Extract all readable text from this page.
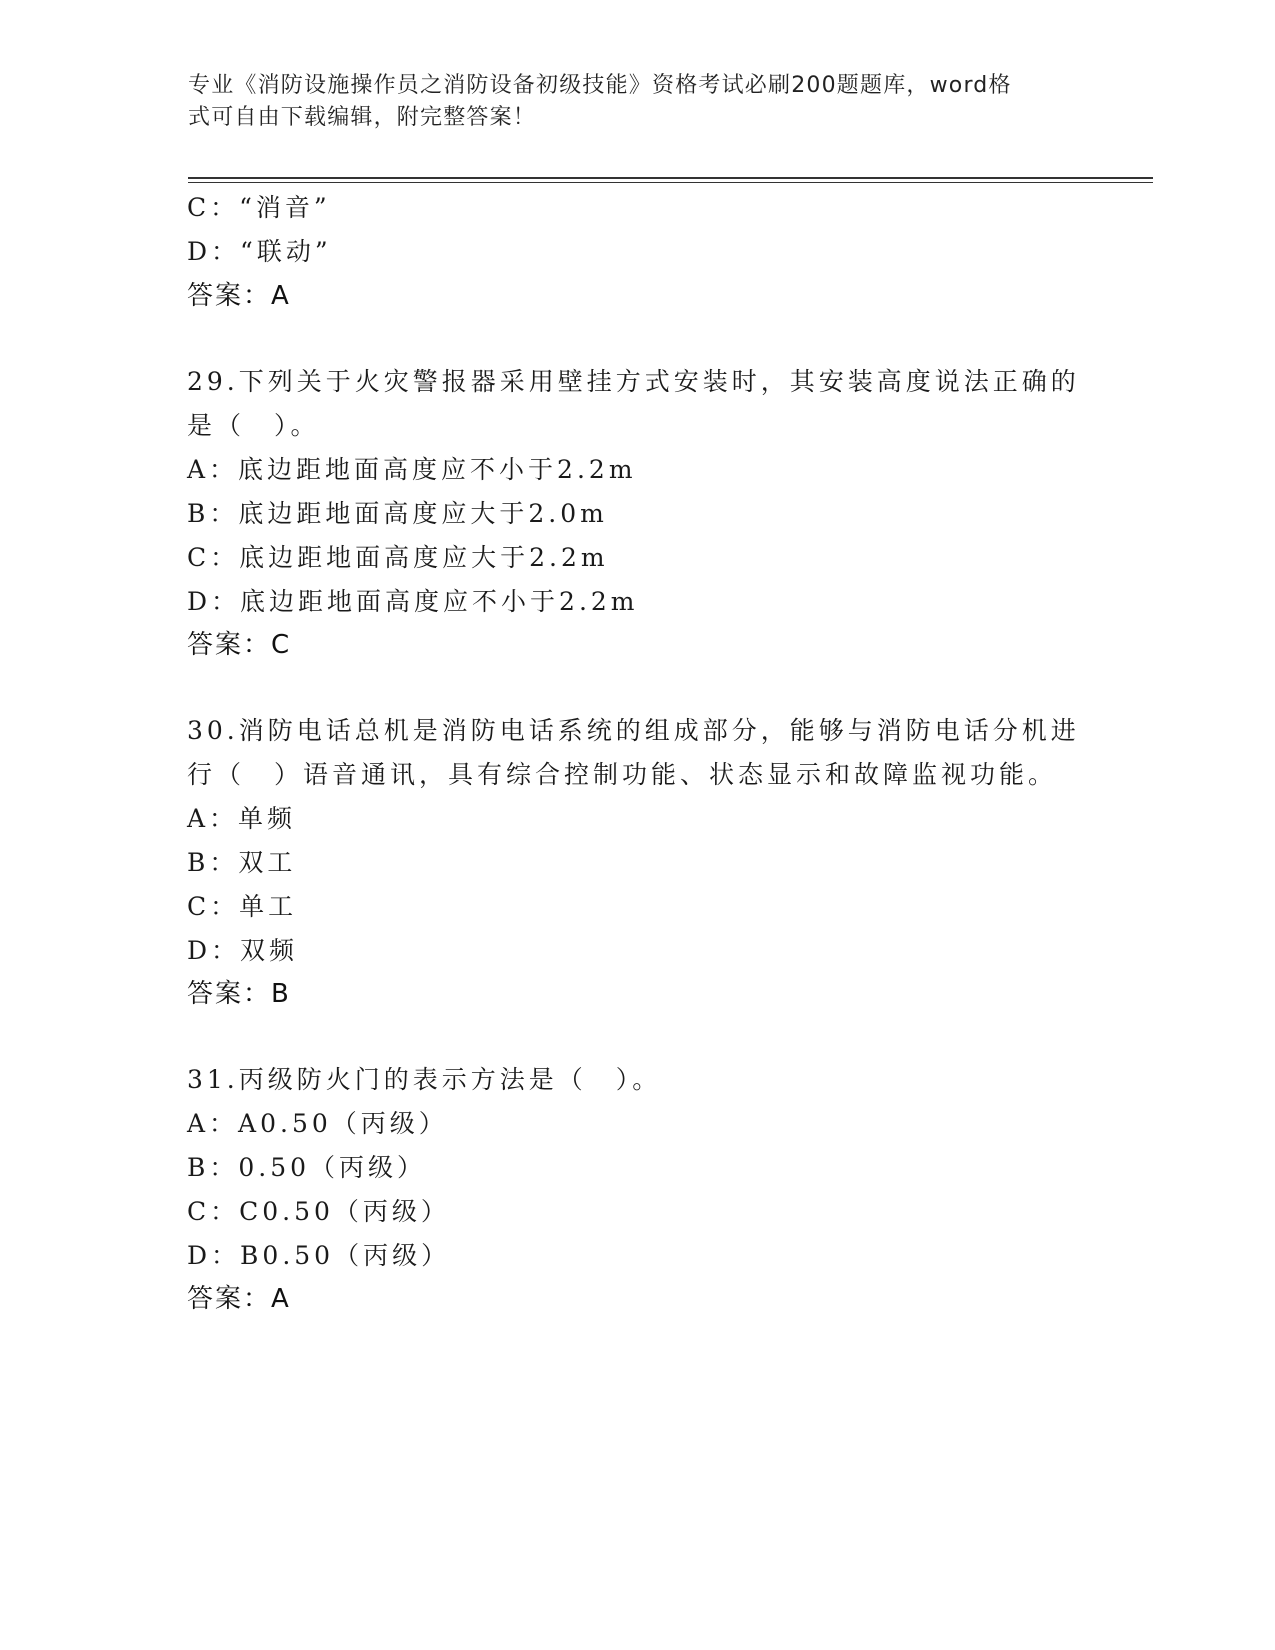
专业《消防设施操作员之消防设备初级技能》资格考试必刷200题题库，word格
式可自由下载编辑，附完整答案！
C：“消音”
D：“联动”
答案：A
29.下列关于火灾警报器采用壁挂方式安装时，其安装高度说法正确的
是（　）。
A：底边距地面高度应不小于2.2m
B：底边距地面高度应大于2.0m
C：底边距地面高度应大于2.2m
D：底边距地面高度应不小于2.2m
答案：C
30.消防电话总机是消防电话系统的组成部分，能够与消防电话分机进
行（　）语音通讯，具有综合控制功能、状态显示和故障监视功能。
A：单频
B：双工
C：单工
D：双频
答案：B
31.丙级防火门的表示方法是（　）。
A：A0.50（丙级）
B：0.50（丙级）
C：C0.50（丙级）
D：B0.50（丙级）
答案：A
